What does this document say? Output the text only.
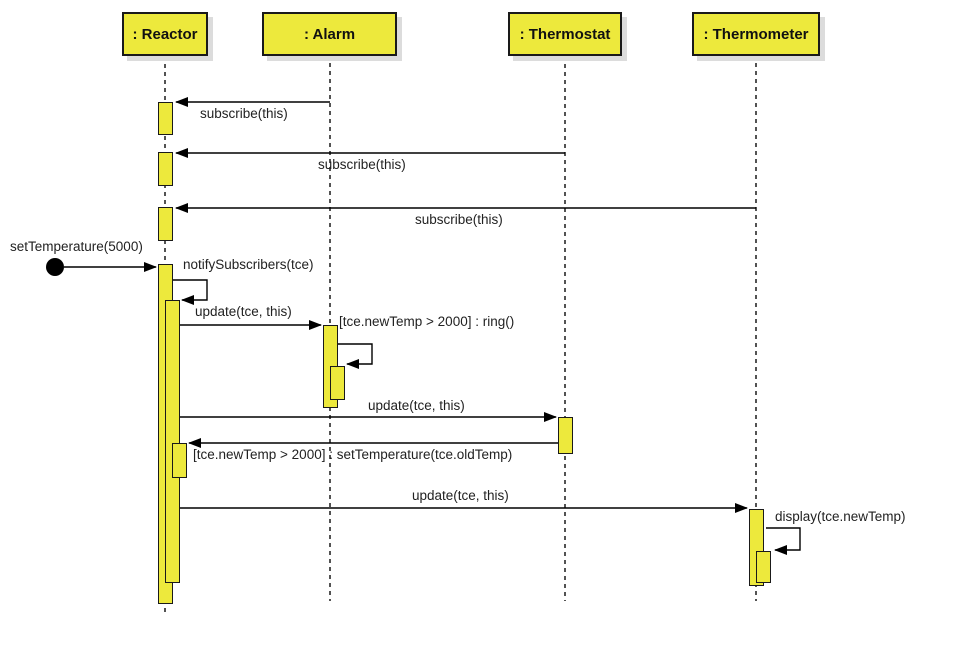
: Reactor	: Alarm	: Thermostat	: Thermometer
subscribe(this)
subscribe(this)
subscribe(this)
setTemperature(5000)
notifySubscribers(tce)
update(tce, this)
[tce.newTemp > 2000] : ring()
update(tce, this)
[tce.newTemp > 2000] : setTemperature(tce.oldTemp)
update(tce, this)
display(tce.newTemp)
